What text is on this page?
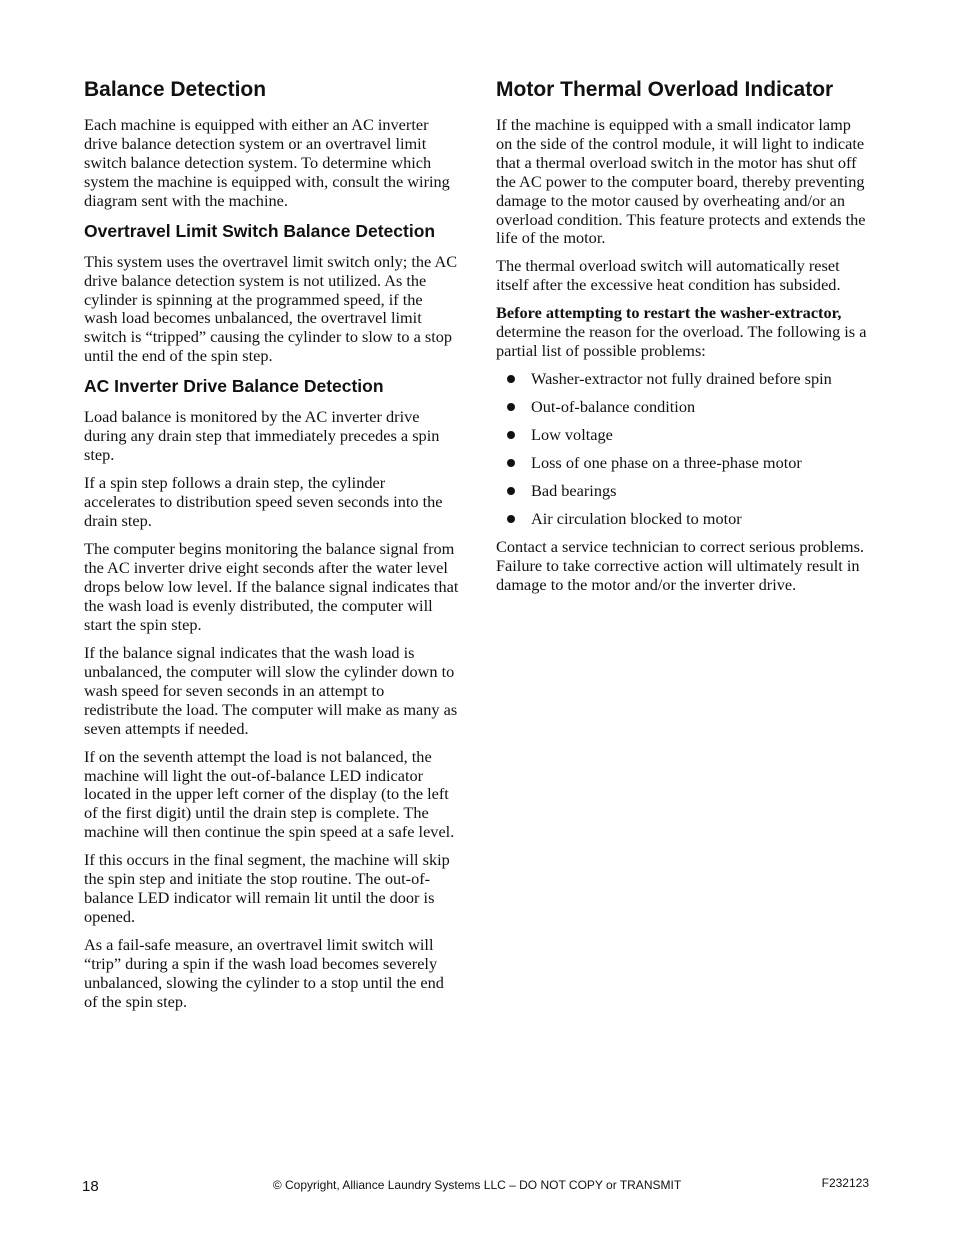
Balance Detection

Each machine is equipped with either an AC inverter drive balance detection system or an overtravel limit switch balance detection system. To determine which system the machine is equipped with, consult the wiring diagram sent with the machine.

Overtravel Limit Switch Balance Detection

This system uses the overtravel limit switch only; the AC drive balance detection system is not utilized. As the cylinder is spinning at the programmed speed, if the wash load becomes unbalanced, the overtravel limit switch is “tripped” causing the cylinder to slow to a stop until the end of the spin step.

AC Inverter Drive Balance Detection

Load balance is monitored by the AC inverter drive during any drain step that immediately precedes a spin step.

If a spin step follows a drain step, the cylinder accelerates to distribution speed seven seconds into the drain step.

The computer begins monitoring the balance signal from the AC inverter drive eight seconds after the water level drops below low level. If the balance signal indicates that the wash load is evenly distributed, the computer will start the spin step.

If the balance signal indicates that the wash load is unbalanced, the computer will slow the cylinder down to wash speed for seven seconds in an attempt to redistribute the load. The computer will make as many as seven attempts if needed.

If on the seventh attempt the load is not balanced, the machine will light the out-of-balance LED indicator located in the upper left corner of the display (to the left of the first digit) until the drain step is complete. The machine will then continue the spin speed at a safe level.

If this occurs in the final segment, the machine will skip the spin step and initiate the stop routine. The out-of-balance LED indicator will remain lit until the door is opened.

As a fail-safe measure, an overtravel limit switch will “trip” during a spin if the wash load becomes severely unbalanced, slowing the cylinder to a stop until the end of the spin step.

Motor Thermal Overload Indicator

If the machine is equipped with a small indicator lamp on the side of the control module, it will light to indicate that a thermal overload switch in the motor has shut off the AC power to the computer board, thereby preventing damage to the motor caused by overheating and/or an overload condition. This feature protects and extends the life of the motor.

The thermal overload switch will automatically reset itself after the excessive heat condition has subsided.

Before attempting to restart the washer-extractor, determine the reason for the overload. The following is a partial list of possible problems:

Washer-extractor not fully drained before spin
Out-of-balance condition
Low voltage
Loss of one phase on a three-phase motor
Bad bearings
Air circulation blocked to motor

Contact a service technician to correct serious problems. Failure to take corrective action will ultimately result in damage to the motor and/or the inverter drive.

18	© Copyright, Alliance Laundry Systems LLC – DO NOT COPY or TRANSMIT	F232123
